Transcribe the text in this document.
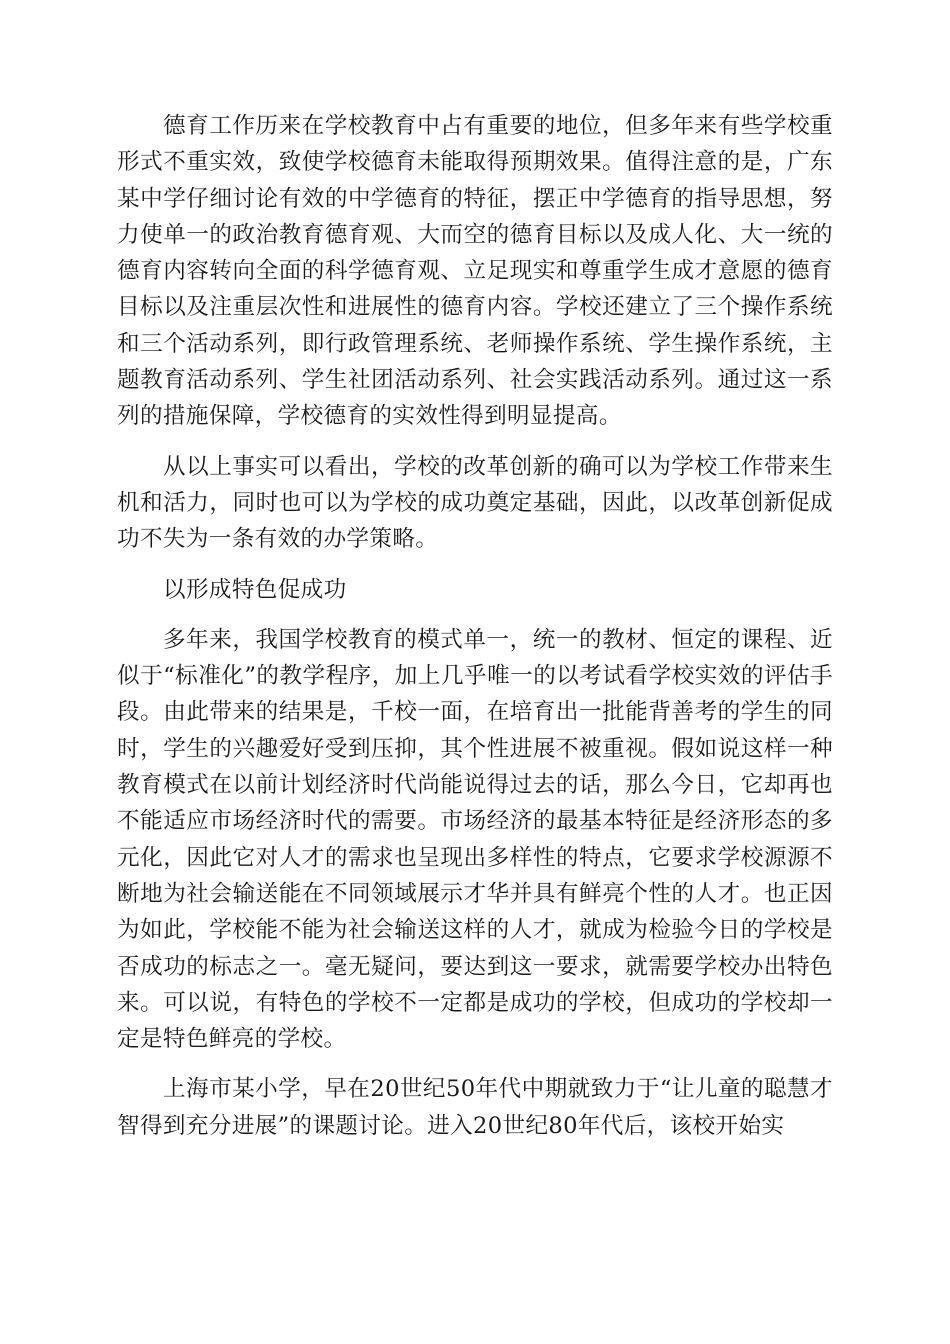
德育工作历来在学校教育中占有重要的地位，但多年来有些学校重形式不重实效，致使学校德育未能取得预期效果。值得注意的是，广东某中学仔细讨论有效的中学德育的特征，摆正中学德育的指导思想，努力使单一的政治教育德育观、大而空的德育目标以及成人化、大一统的德育内容转向全面的科学德育观、立足现实和尊重学生成才意愿的德育目标以及注重层次性和进展性的德育内容。学校还建立了三个操作系统和三个活动系列，即行政管理系统、老师操作系统、学生操作系统，主题教育活动系列、学生社团活动系列、社会实践活动系列。通过这一系列的措施保障，学校德育的实效性得到明显提高。

从以上事实可以看出，学校的改革创新的确可以为学校工作带来生机和活力，同时也可以为学校的成功奠定基础，因此，以改革创新促成功不失为一条有效的办学策略。

以形成特色促成功

多年来，我国学校教育的模式单一，统一的教材、恒定的课程、近似于“标准化”的教学程序，加上几乎唯一的以考试看学校实效的评估手段。由此带来的结果是，千校一面，在培育出一批能背善考的学生的同时，学生的兴趣爱好受到压抑，其个性进展不被重视。假如说这样一种教育模式在以前计划经济时代尚能说得过去的话，那么今日，它却再也不能适应市场经济时代的需要。市场经济的最基本特征是经济形态的多元化，因此它对人才的需求也呈现出多样性的特点，它要求学校源源不断地为社会输送能在不同领域展示才华并具有鲜亮个性的人才。也正因为如此，学校能不能为社会输送这样的人才，就成为检验今日的学校是否成功的标志之一。毫无疑问，要达到这一要求，就需要学校办出特色来。可以说，有特色的学校不一定都是成功的学校，但成功的学校却一定是特色鲜亮的学校。

上海市某小学，早在20世纪50年代中期就致力于“让儿童的聪慧才智得到充分进展”的课题讨论。进入20世纪80年代后，该校开始实
